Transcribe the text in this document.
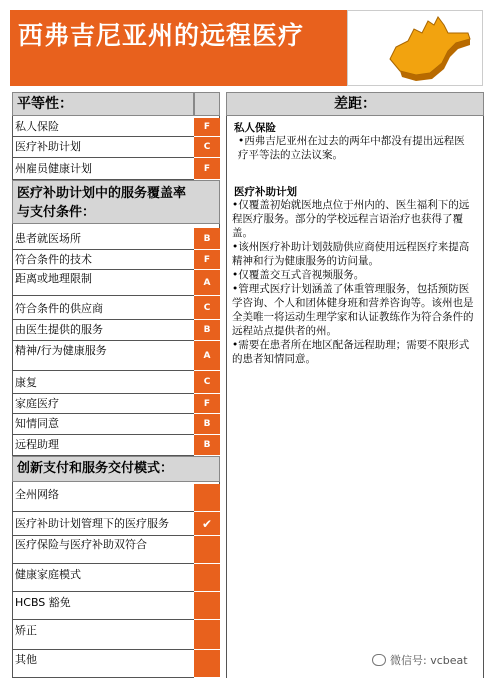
西弗吉尼亚州的远程医疗
平等性：	差距：
私人保险	F
医疗补助计划	C
州雇员健康计划	F
医疗补助计划中的服务覆盖率与支付条件：
患者就医场所	B
符合条件的技术	F
距离或地理限制	A
符合条件的供应商	C
由医生提供的服务	B
精神/行为健康服务	A
康复	C
家庭医疗	F
知情同意	B
远程助理	B
创新支付和服务交付模式：
全州网络
医疗补助计划管理下的医疗服务	✔
医疗保险与医疗补助双符合
健康家庭模式
HCBS 豁免
矫正
其他
私人保险
•西弗吉尼亚州在过去的两年中都没有提出远程医疗平等法的立法议案。
医疗补助计划
•仅覆盖初始就医地点位于州内的、医生福利下的远程医疗服务。部分的学校远程言语治疗也获得了覆盖。
•该州医疗补助计划鼓励供应商使用远程医疗来提高精神和行为健康服务的访问量。
•仅覆盖交互式音视频服务。
•管理式医疗计划涵盖了体重管理服务，包括预防医学咨询、个人和团体健身班和营养咨询等。该州也是全美唯一将运动生理学家和认证教练作为符合条件的远程站点提供者的州。
•需要在患者所在地区配备远程助理；需要不限形式的患者知情同意。
微信号: vcbeat
